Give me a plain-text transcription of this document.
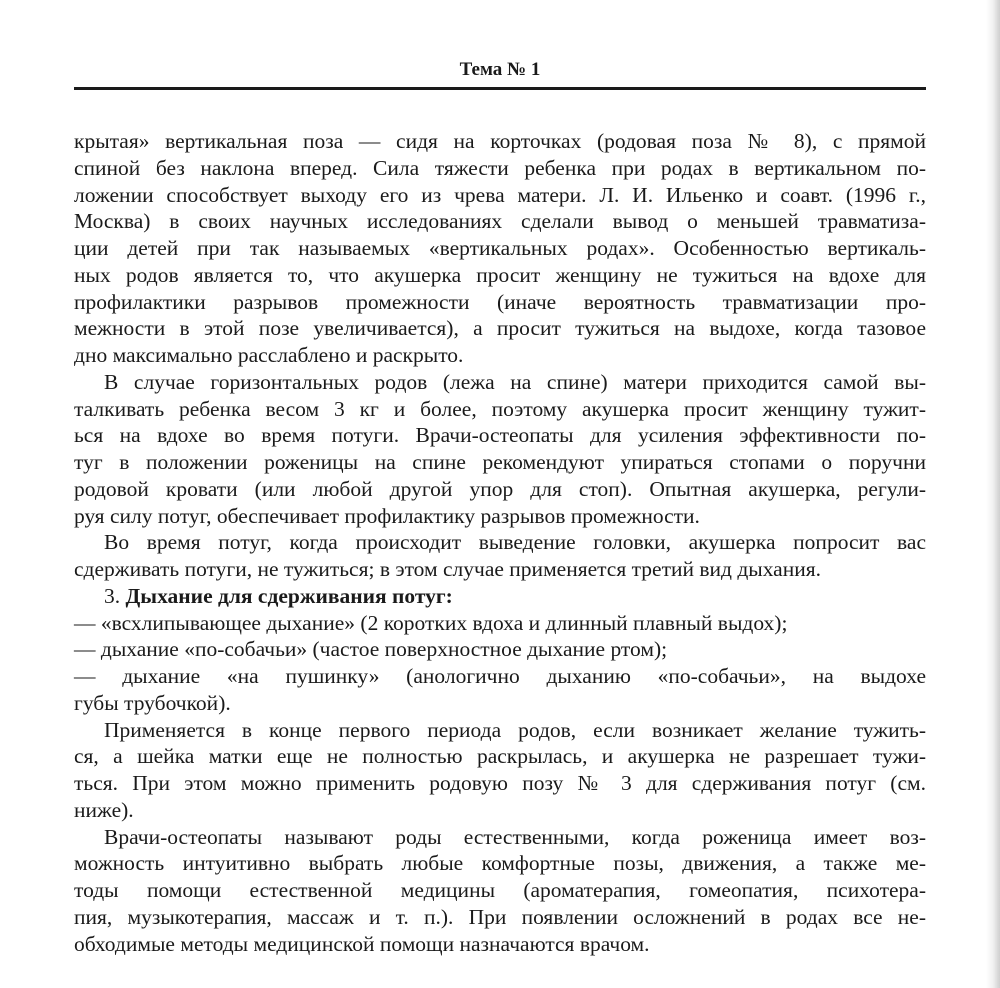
Тема № 1
крытая» вертикальная поза — сидя на корточках (родовая поза № 8), с прямой
спиной без наклона вперед. Сила тяжести ребенка при родах в вертикальном по-
ложении способствует выходу его из чрева матери. Л. И. Ильенко и соавт. (1996 г.,
Москва) в своих научных исследованиях сделали вывод о меньшей травматиза-
ции детей при так называемых «вертикальных родах». Особенностью вертикаль-
ных родов является то, что акушерка просит женщину не тужиться на вдохе для
профилактики разрывов промежности (иначе вероятность травматизации про-
межности в этой позе увеличивается), а просит тужиться на выдохе, когда тазовое
дно максимально расслаблено и раскрыто.
В случае горизонтальных родов (лежа на спине) матери приходится самой вы-
талкивать ребенка весом 3 кг и более, поэтому акушерка просит женщину тужит-
ься на вдохе во время потуги. Врачи-остеопаты для усиления эффективности по-
туг в положении роженицы на спине рекомендуют упираться стопами о поручни
родовой кровати (или любой другой упор для стоп). Опытная акушерка, регули-
руя силу потуг, обеспечивает профилактику разрывов промежности.
Во время потуг, когда происходит выведение головки, акушерка попросит вас
сдерживать потуги, не тужиться; в этом случае применяется третий вид дыхания.
3. Дыхание для сдерживания потуг:
— «всхлипывающее дыхание» (2 коротких вдоха и длинный плавный выдох);
— дыхание «по-собачьи» (частое поверхностное дыхание ртом);
— дыхание «на пушинку» (анологично дыханию «по-собачьи», на выдохе
губы трубочкой).
Применяется в конце первого периода родов, если возникает желание тужить-
ся, а шейка матки еще не полностью раскрылась, и акушерка не разрешает тужи-
ться. При этом можно применить родовую позу № 3 для сдерживания потуг (см.
ниже).
Врачи-остеопаты называют роды естественными, когда роженица имеет воз-
можность интуитивно выбрать любые комфортные позы, движения, а также ме-
тоды помощи естественной медицины (ароматерапия, гомеопатия, психотера-
пия, музыкотерапия, массаж и т. п.). При появлении осложнений в родах все не-
обходимые методы медицинской помощи назначаются врачом.
